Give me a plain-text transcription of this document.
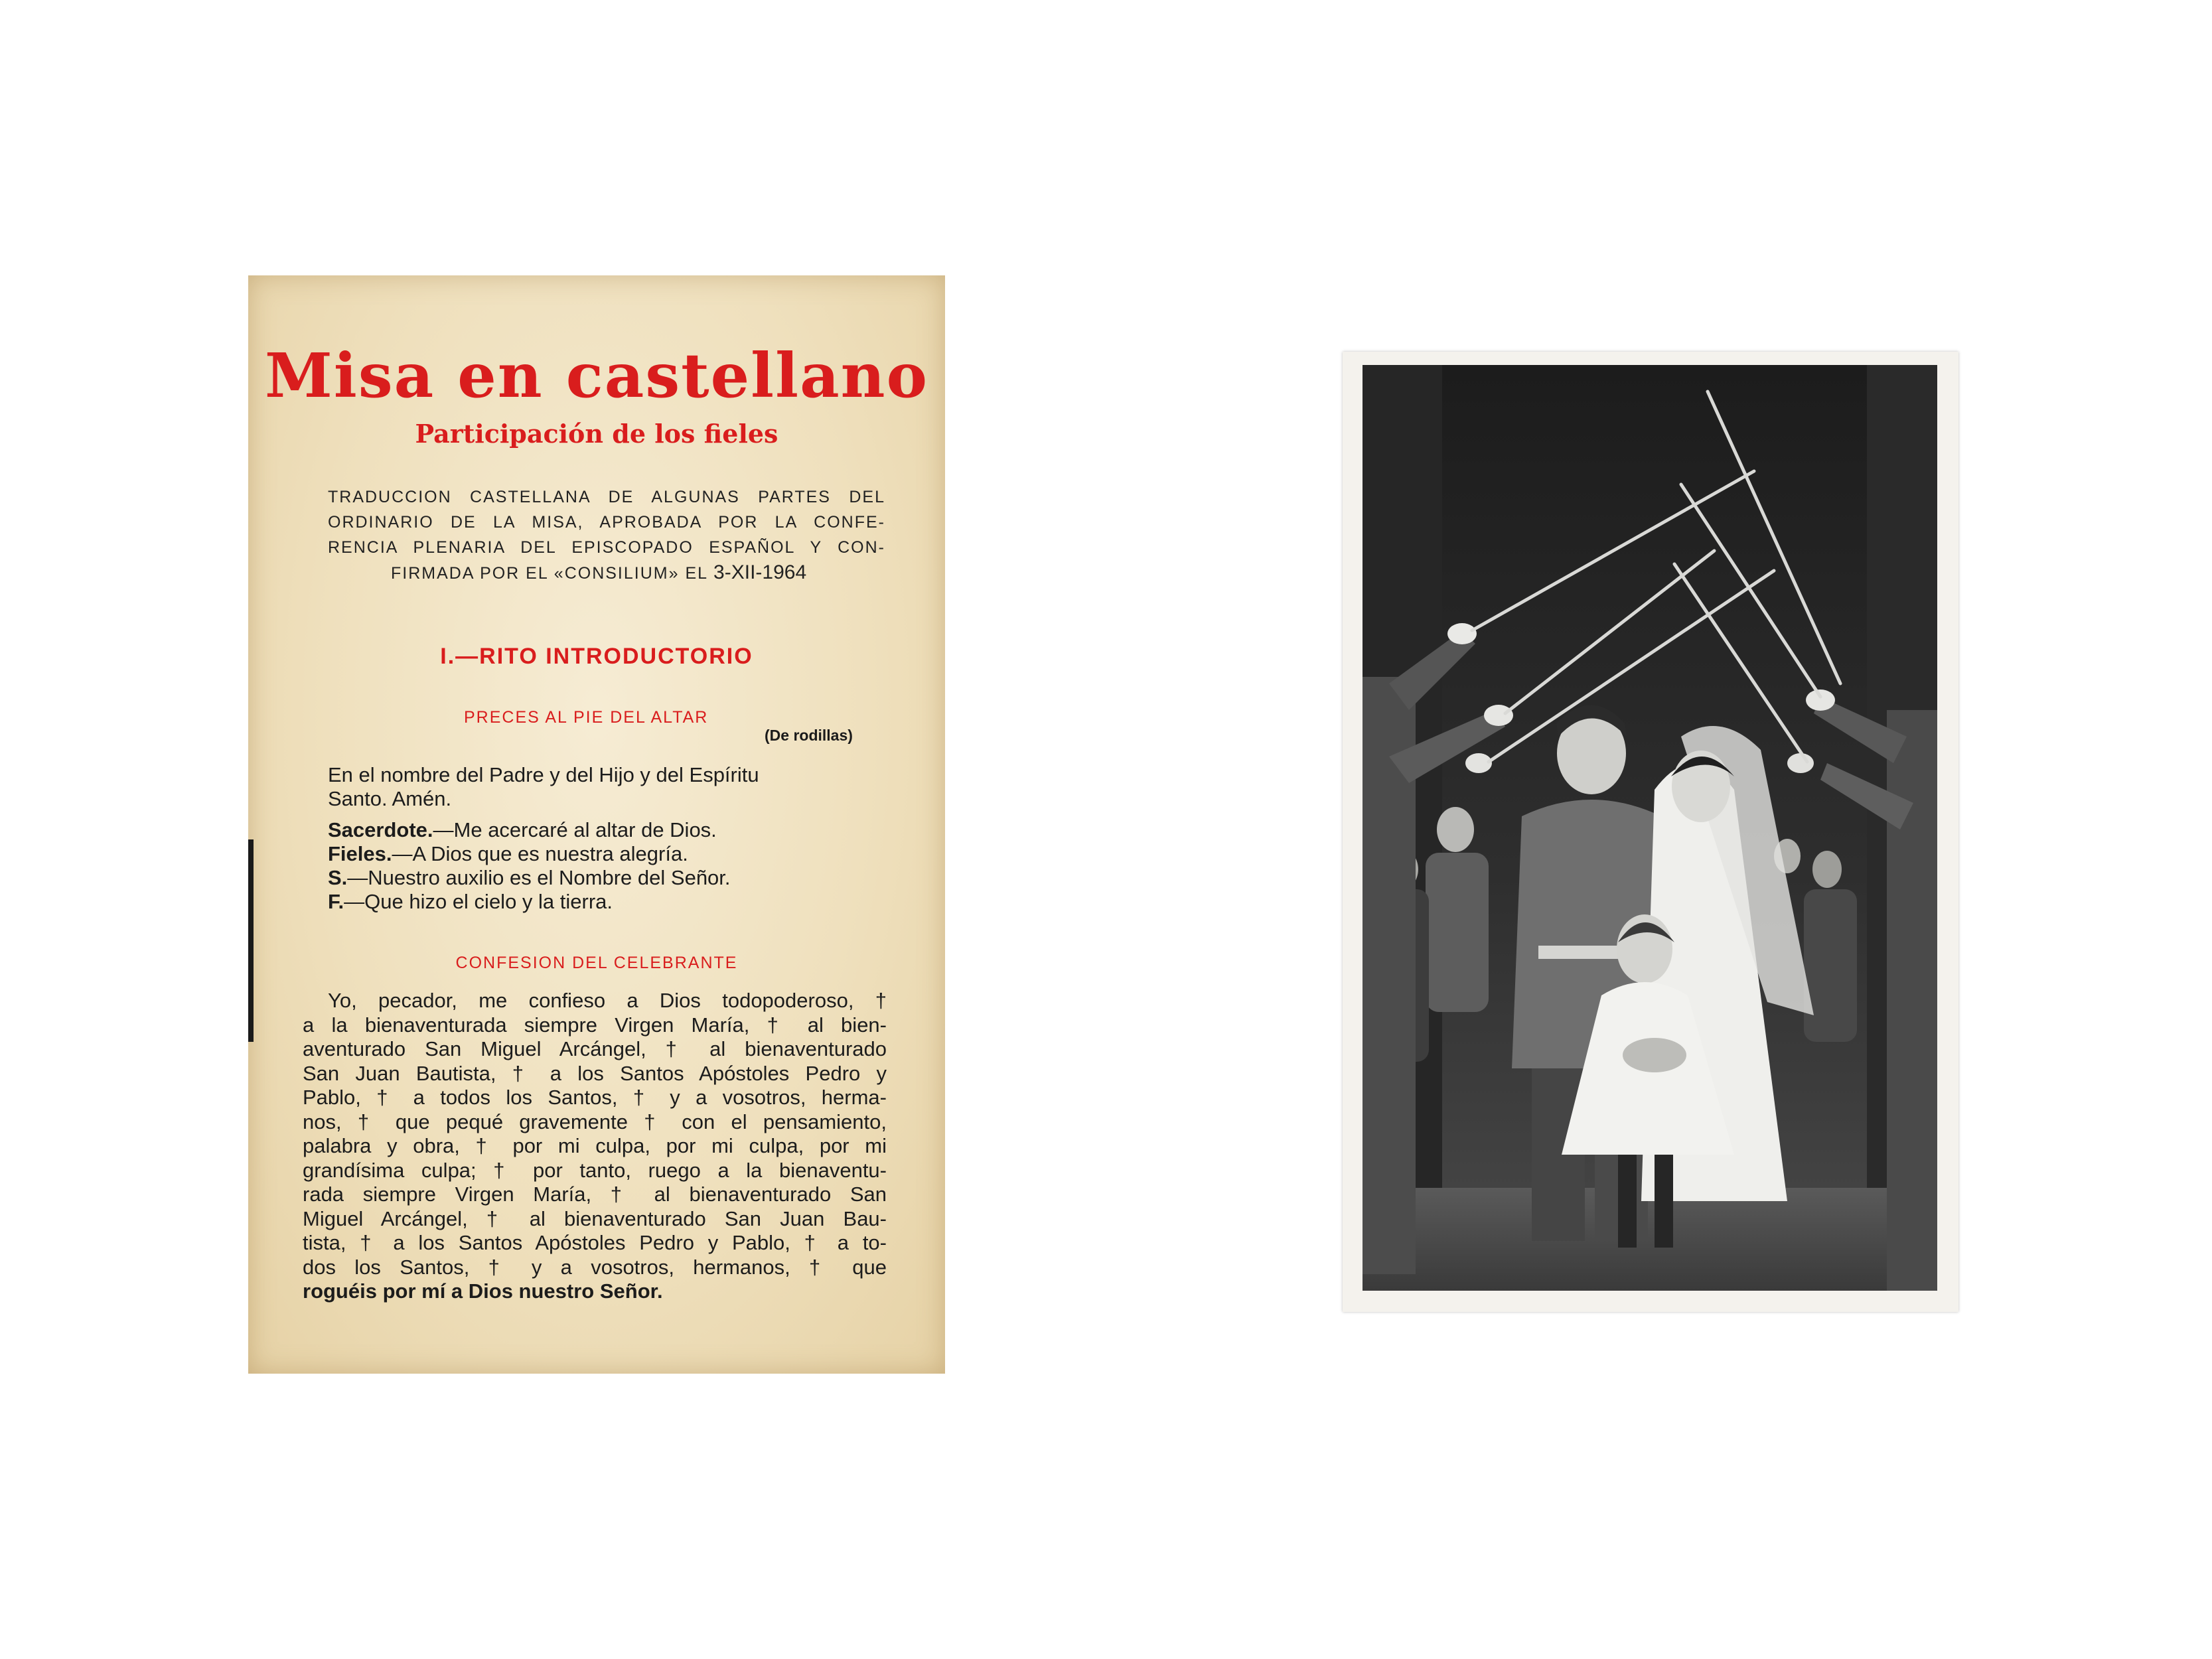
Misa en castellano
Participación de los fieles
TRADUCCION CASTELLANA DE ALGUNAS PARTES DEL
ORDINARIO DE LA MISA, APROBADA POR LA CONFE-
RENCIA PLENARIA DEL EPISCOPADO ESPAÑOL Y CON-
FIRMADA POR EL «CONSILIUM» EL 3-XII-1964
I.—RITO INTRODUCTORIO
PRECES AL PIE DEL ALTAR
(De rodillas)
En el nombre del Padre y del Hijo y del Espíritu
Santo. Amén.
Sacerdote.—Me acercaré al altar de Dios.
Fieles.—A Dios que es nuestra alegría.
S.—Nuestro auxilio es el Nombre del Señor.
F.—Que hizo el cielo y la tierra.
CONFESION DEL CELEBRANTE
Yo, pecador, me confieso a Dios todopoderoso, †
a la bienaventurada siempre Virgen María, † al bien-
aventurado San Miguel Arcángel, † al bienaventurado
San Juan Bautista, † a los Santos Apóstoles Pedro y
Pablo, † a todos los Santos, † y a vosotros, herma-
nos, † que pequé gravemente † con el pensamiento,
palabra y obra, † por mi culpa, por mi culpa, por mi
grandísima culpa; † por tanto, ruego a la bienaventu-
rada siempre Virgen María, † al bienaventurado San
Miguel Arcángel, † al bienaventurado San Juan Bau-
tista, † a los Santos Apóstoles Pedro y Pablo, † a to-
dos los Santos, † y a vosotros, hermanos, † que
roguéis por mí a Dios nuestro Señor.
